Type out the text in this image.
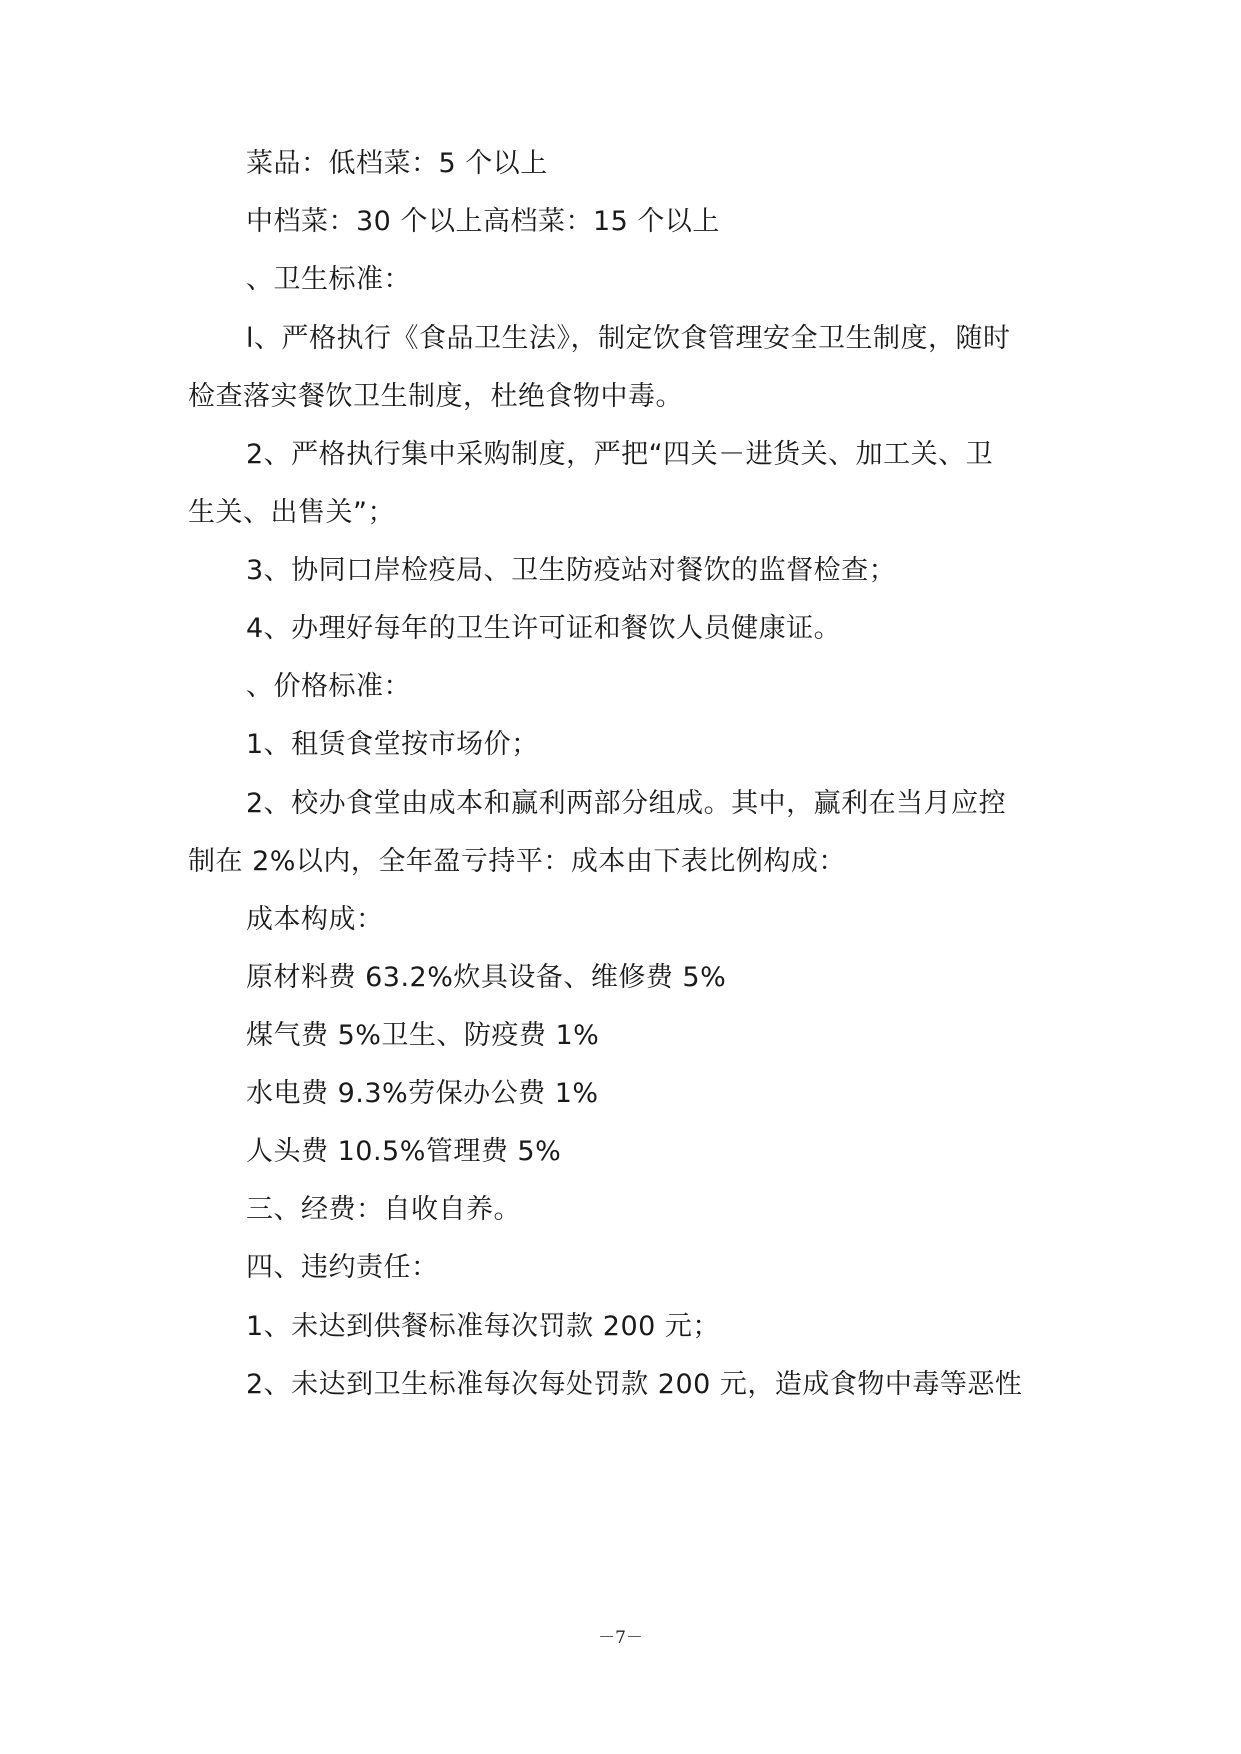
菜品：低档菜：5 个以上
中档菜：30 个以上高档菜：15 个以上
、卫生标准：
l、严格执行《食品卫生法》，制定饮食管理安全卫生制度，随时
检查落实餐饮卫生制度，杜绝食物中毒。
2、严格执行集中采购制度，严把“四关－进货关、加工关、卫
生关、出售关”；
3、协同口岸检疫局、卫生防疫站对餐饮的监督检查；
4、办理好每年的卫生许可证和餐饮人员健康证。
、价格标准：
1、租赁食堂按市场价；
2、校办食堂由成本和赢利两部分组成。其中，赢利在当月应控
制在 2%以内，全年盈亏持平：成本由下表比例构成：
成本构成：
原材料费 63.2%炊具设备、维修费 5%
煤气费 5%卫生、防疫费 1%
水电费 9.3%劳保办公费 1%
人头费 10.5%管理费 5%
三、经费：自收自养。
四、违约责任：
1、未达到供餐标准每次罚款 200 元；
2、未达到卫生标准每次每处罚款 200 元，造成食物中毒等恶性
－7－
